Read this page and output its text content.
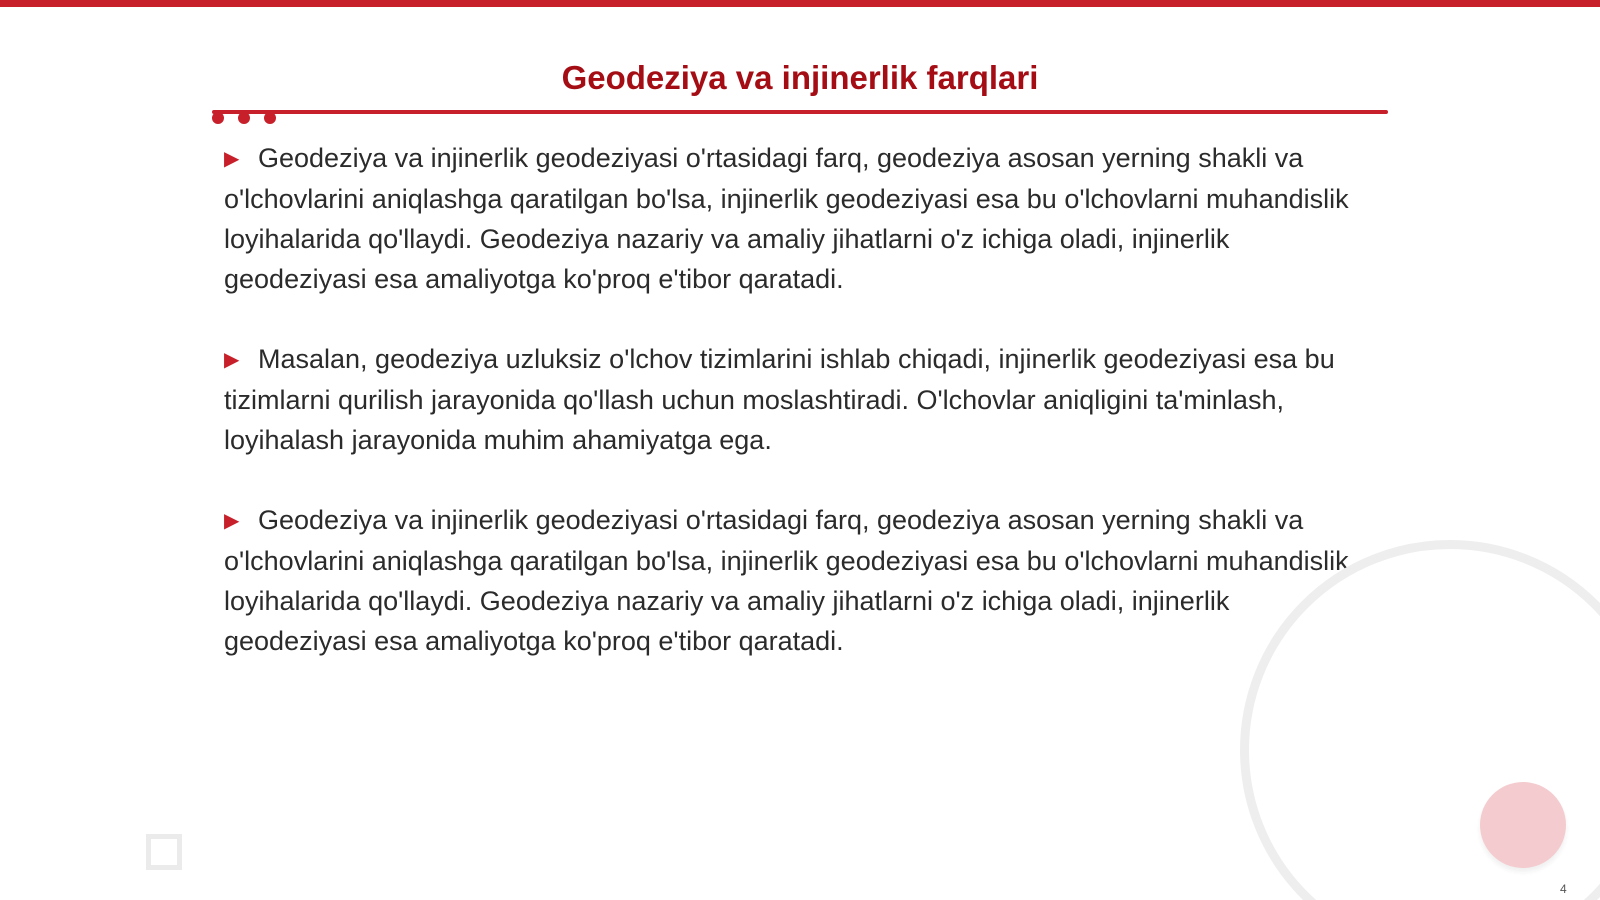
Geodeziya va injinerlik farqlari

▶ Geodeziya va injinerlik geodeziyasi o'rtasidagi farq, geodeziya asosan yerning shakli va o'lchovlarini aniqlashga qaratilgan bo'lsa, injinerlik geodeziyasi esa bu o'lchovlarni muhandislik loyihalarida qo'llaydi. Geodeziya nazariy va amaliy jihatlarni o'z ichiga oladi, injinerlik geodeziyasi esa amaliyotga ko'proq e'tibor qaratadi.

▶ Masalan, geodeziya uzluksiz o'lchov tizimlarini ishlab chiqadi, injinerlik geodeziyasi esa bu tizimlarni qurilish jarayonida qo'llash uchun moslashtiradi. O'lchovlar aniqligini ta'minlash, loyihalash jarayonida muhim ahamiyatga ega.

▶ Geodeziya va injinerlik geodeziyasi o'rtasidagi farq, geodeziya asosan yerning shakli va o'lchovlarini aniqlashga qaratilgan bo'lsa, injinerlik geodeziyasi esa bu o'lchovlarni muhandislik loyihalarida qo'llaydi. Geodeziya nazariy va amaliy jihatlarni o'z ichiga oladi, injinerlik geodeziyasi esa amaliyotga ko'proq e'tibor qaratadi.

4
